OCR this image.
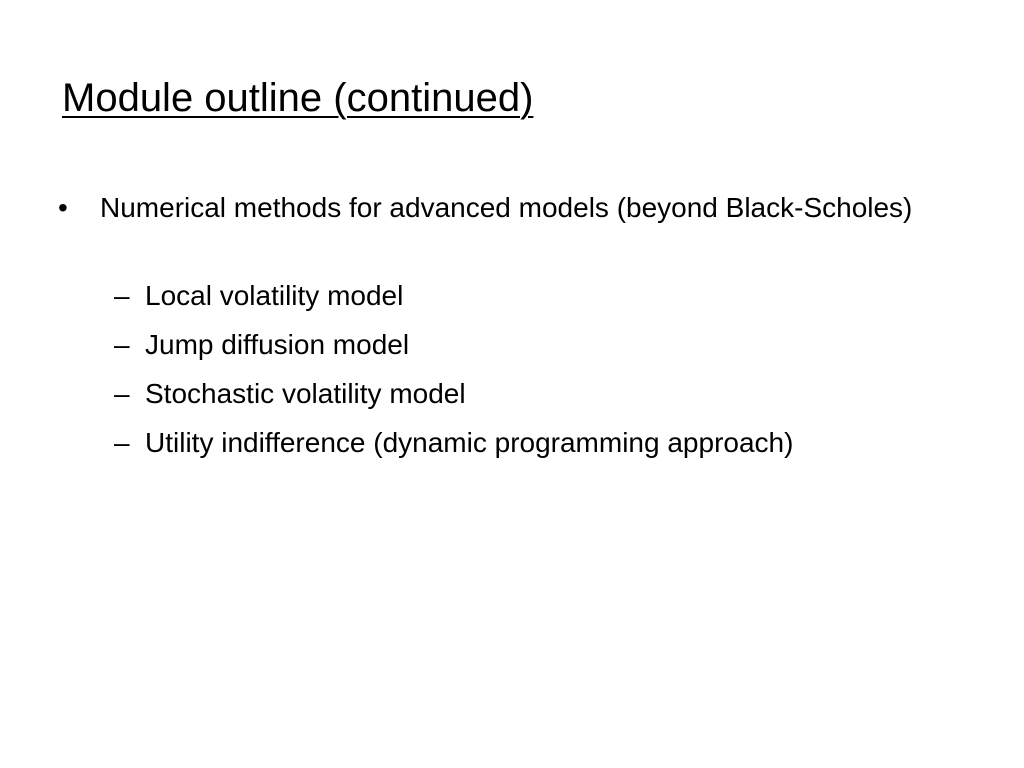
Module outline (continued)
• Numerical methods for advanced models (beyond Black-Scholes)
– Local volatility model
– Jump diffusion model
– Stochastic volatility model
– Utility indifference (dynamic programming approach)
